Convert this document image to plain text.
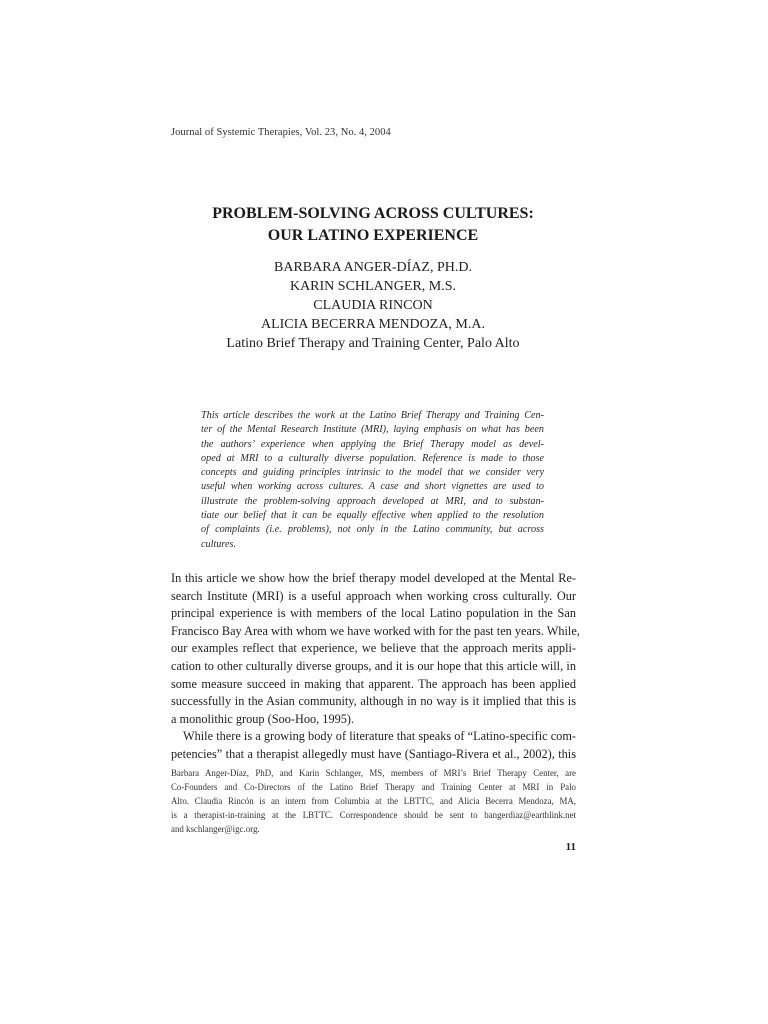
Journal of Systemic Therapies, Vol. 23, No. 4, 2004
PROBLEM-SOLVING ACROSS CULTURES:
OUR LATINO EXPERIENCE
BARBARA ANGER-DÍAZ, PH.D.
KARIN SCHLANGER, M.S.
CLAUDIA RINCON
ALICIA BECERRA MENDOZA, M.A.
Latino Brief Therapy and Training Center, Palo Alto
This article describes the work at the Latino Brief Therapy and Training Cen-
ter of the Mental Research Institute (MRI), laying emphasis on what has been
the authors’ experience when applying the Brief Therapy model as devel-
oped at MRI to a culturally diverse population. Reference is made to those
concepts and guiding principles intrinsic to the model that we consider very
useful when working across cultures. A case and short vignettes are used to
illustrate the problem-solving approach developed at MRI, and to substan-
tiate our belief that it can be equally effective when applied to the resolution
of complaints (i.e. problems), not only in the Latino community, but across
cultures.
In this article we show how the brief therapy model developed at the Mental Re-
search Institute (MRI) is a useful approach when working cross culturally. Our
principal experience is with members of the local Latino population in the San
Francisco Bay Area with whom we have worked with for the past ten years. While,
our examples reflect that experience, we believe that the approach merits appli-
cation to other culturally diverse groups, and it is our hope that this article will, in
some measure succeed in making that apparent. The approach has been applied
successfully in the Asian community, although in no way is it implied that this is
a monolithic group (Soo-Hoo, 1995).
While there is a growing body of literature that speaks of “Latino-specific com-
petencies” that a therapist allegedly must have (Santiago-Rivera et al., 2002), this
Barbara Anger-Díaz, PhD, and Karin Schlanger, MS, members of MRI’s Brief Therapy Center, are
Co-Founders and Co-Directors of the Latino Brief Therapy and Training Center at MRI in Palo
Alto. Claudia Rincón is an intern from Columbia at the LBTTC, and Alicia Becerra Mendoza, MA,
is a therapist-in-training at the LBTTC. Correspondence should be sent to bangerdiaz@earthlink.net
and kschlanger@igc.org.
11
